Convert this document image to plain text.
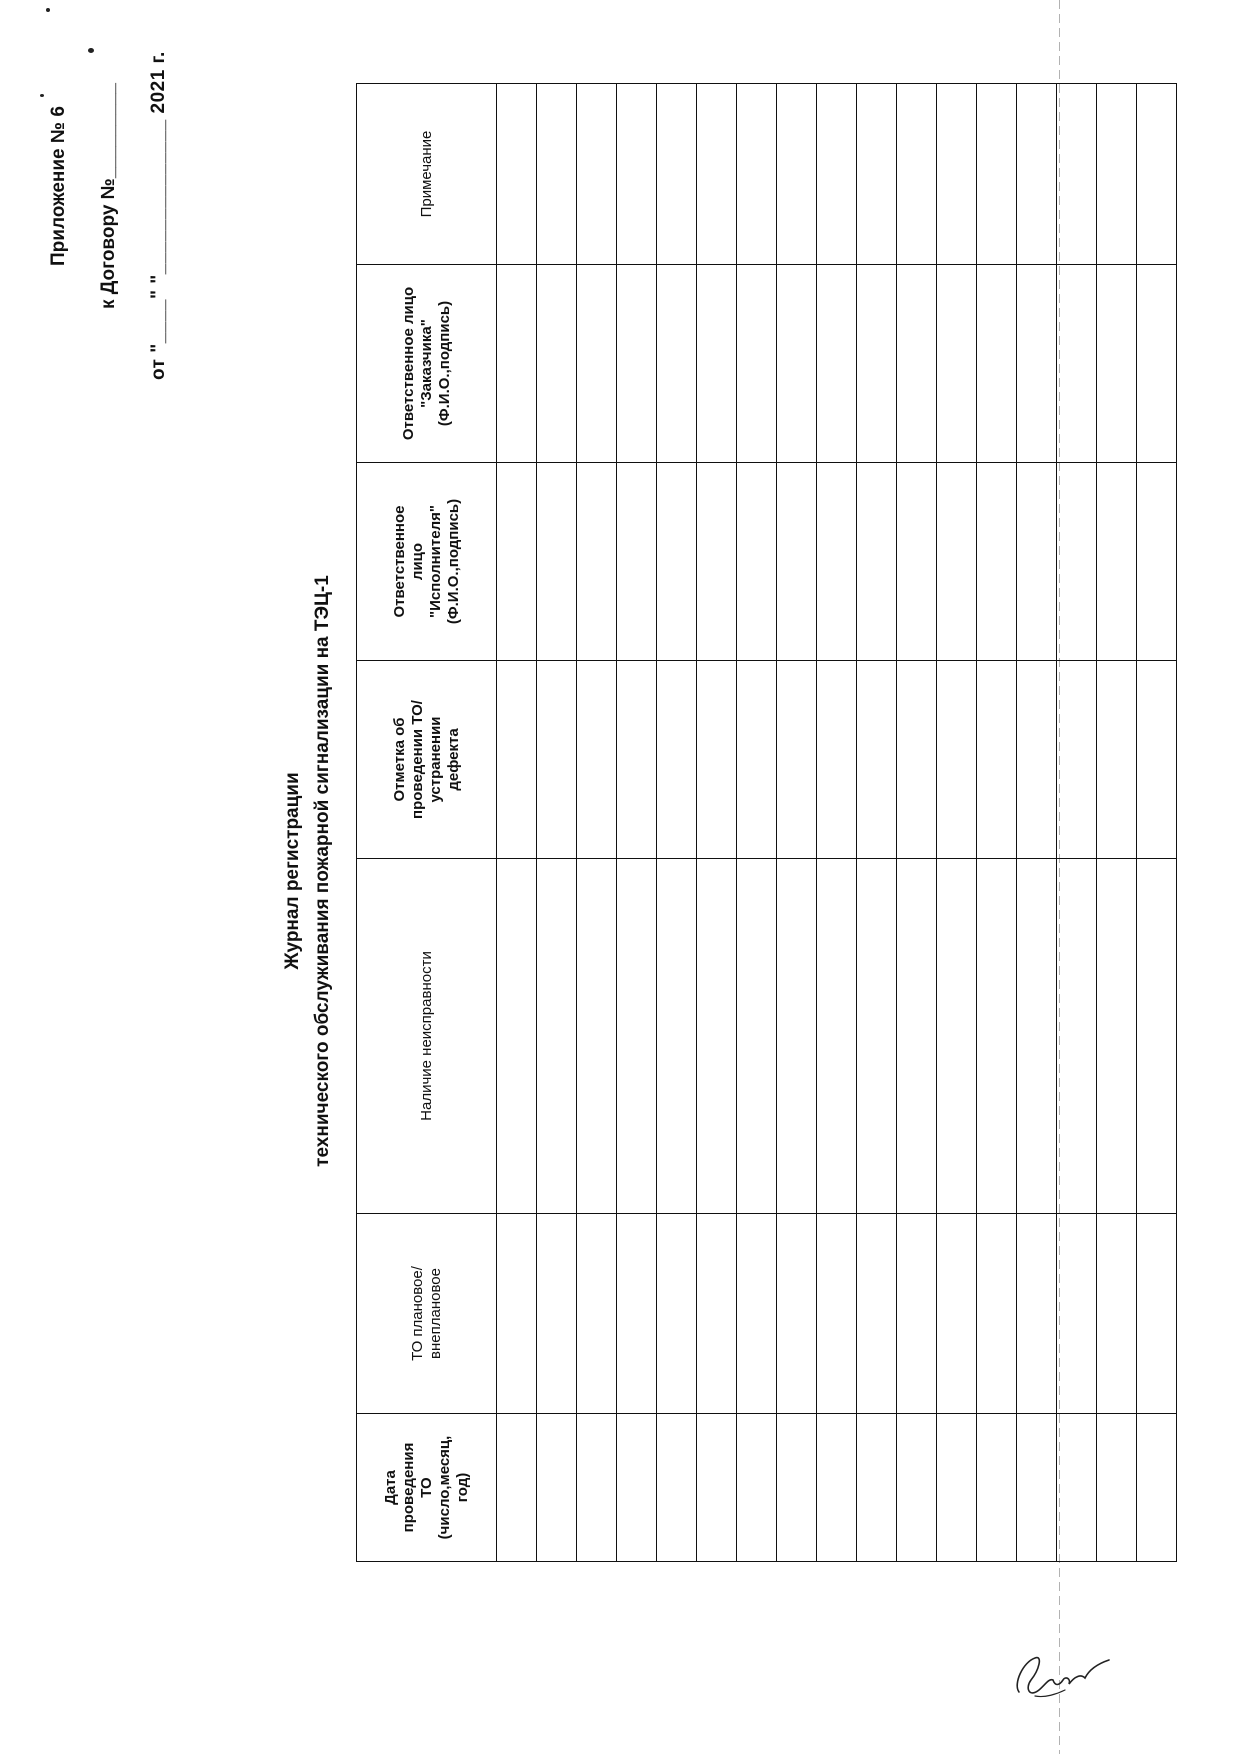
Приложение № 6 к Договору №_________ от "____" "______________ 2021 г.
Журнал регистрации технического обслуживания пожарной сигнализации на ТЭЦ-1
Дата
проведения
ТО
(число,месяц,
год)	ТО плановое/
внеплановое	Наличие неисправности	Отметка об
проведении ТО/
устранении
дефекта	Ответственное
лицо
"Исполнителя"
(Ф.И.О.,подпись)	Ответственное лицо
"Заказчика"
(Ф.И.О.,подпись)	Примечание
